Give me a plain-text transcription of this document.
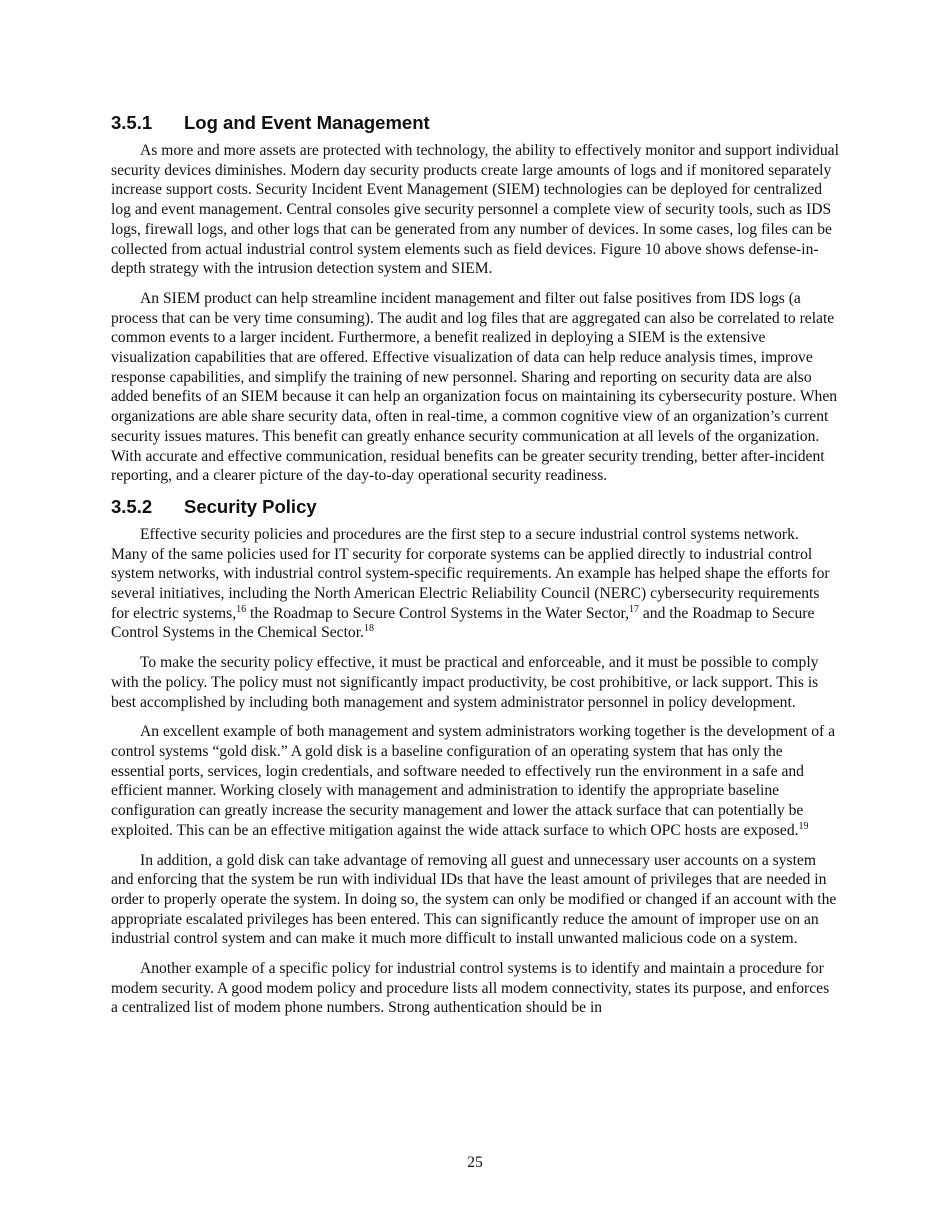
3.5.1 Log and Event Management

As more and more assets are protected with technology, the ability to effectively monitor and support individual security devices diminishes. Modern day security products create large amounts of logs and if monitored separately increase support costs. Security Incident Event Management (SIEM) technologies can be deployed for centralized log and event management. Central consoles give security personnel a complete view of security tools, such as IDS logs, firewall logs, and other logs that can be generated from any number of devices. In some cases, log files can be collected from actual industrial control system elements such as field devices. Figure 10 above shows defense-in-depth strategy with the intrusion detection system and SIEM.

An SIEM product can help streamline incident management and filter out false positives from IDS logs (a process that can be very time consuming). The audit and log files that are aggregated can also be correlated to relate common events to a larger incident. Furthermore, a benefit realized in deploying a SIEM is the extensive visualization capabilities that are offered. Effective visualization of data can help reduce analysis times, improve response capabilities, and simplify the training of new personnel. Sharing and reporting on security data are also added benefits of an SIEM because it can help an organization focus on maintaining its cybersecurity posture. When organizations are able share security data, often in real-time, a common cognitive view of an organization’s current security issues matures. This benefit can greatly enhance security communication at all levels of the organization. With accurate and effective communication, residual benefits can be greater security trending, better after-incident reporting, and a clearer picture of the day-to-day operational security readiness.

3.5.2 Security Policy

Effective security policies and procedures are the first step to a secure industrial control systems network. Many of the same policies used for IT security for corporate systems can be applied directly to industrial control system networks, with industrial control system-specific requirements. An example has helped shape the efforts for several initiatives, including the North American Electric Reliability Council (NERC) cybersecurity requirements for electric systems,$^{16}$ the Roadmap to Secure Control Systems in the Water Sector,$^{17}$ and the Roadmap to Secure Control Systems in the Chemical Sector.$^{18}$

To make the security policy effective, it must be practical and enforceable, and it must be possible to comply with the policy. The policy must not significantly impact productivity, be cost prohibitive, or lack support. This is best accomplished by including both management and system administrator personnel in policy development.

An excellent example of both management and system administrators working together is the development of a control systems “gold disk.” A gold disk is a baseline configuration of an operating system that has only the essential ports, services, login credentials, and software needed to effectively run the environment in a safe and efficient manner. Working closely with management and administration to identify the appropriate baseline configuration can greatly increase the security management and lower the attack surface that can potentially be exploited. This can be an effective mitigation against the wide attack surface to which OPC hosts are exposed.$^{19}$

In addition, a gold disk can take advantage of removing all guest and unnecessary user accounts on a system and enforcing that the system be run with individual IDs that have the least amount of privileges that are needed in order to properly operate the system. In doing so, the system can only be modified or changed if an account with the appropriate escalated privileges has been entered. This can significantly reduce the amount of improper use on an industrial control system and can make it much more difficult to install unwanted malicious code on a system.

Another example of a specific policy for industrial control systems is to identify and maintain a procedure for modem security. A good modem policy and procedure lists all modem connectivity, states its purpose, and enforces a centralized list of modem phone numbers. Strong authentication should be in

25
